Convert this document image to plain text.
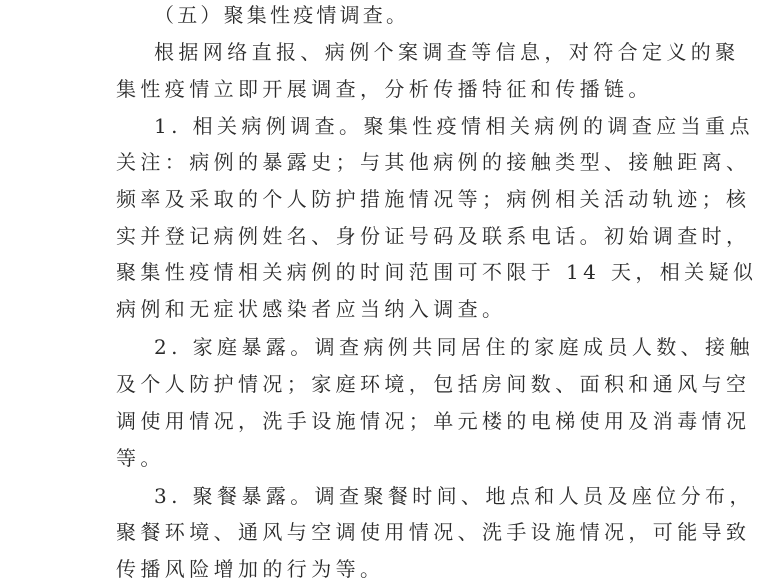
（五）聚集性疫情调查。
根据网络直报、病例个案调查等信息，对符合定义的聚
集性疫情立即开展调查，分析传播特征和传播链。
1. 相关病例调查。聚集性疫情相关病例的调查应当重点
关注：病例的暴露史；与其他病例的接触类型、接触距离、
频率及采取的个人防护措施情况等；病例相关活动轨迹；核
实并登记病例姓名、身份证号码及联系电话。初始调查时，
聚集性疫情相关病例的时间范围可不限于 14 天，相关疑似
病例和无症状感染者应当纳入调查。
2. 家庭暴露。调查病例共同居住的家庭成员人数、接触
及个人防护情况；家庭环境，包括房间数、面积和通风与空
调使用情况，洗手设施情况；单元楼的电梯使用及消毒情况
等。
3. 聚餐暴露。调查聚餐时间、地点和人员及座位分布，
聚餐环境、通风与空调使用情况、洗手设施情况，可能导致
传播风险增加的行为等。
